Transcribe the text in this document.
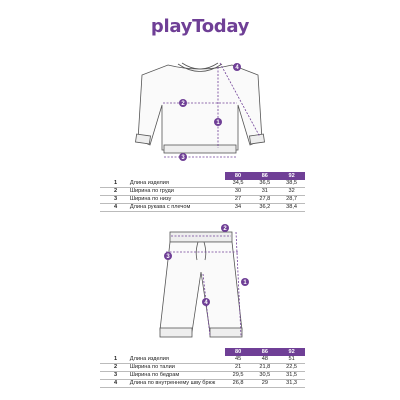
playToday
2
1
3
4
		80	86	92
1	Длина изделия	34,5	36,5	38,5
2	Ширина по груди	30	31	32
3	Ширина по низу	27	27,8	28,7
4	Длина рукава с плечом	34	36,2	38,4
2
1
3
4
		80	86	92
1	Длина изделия	45	48	51
2	Ширина по талии	21	21,8	22,5
3	Ширина по бедрам	29,5	30,5	31,5
4	Длина по внутреннему шву брюк	26,8	29	31,3
